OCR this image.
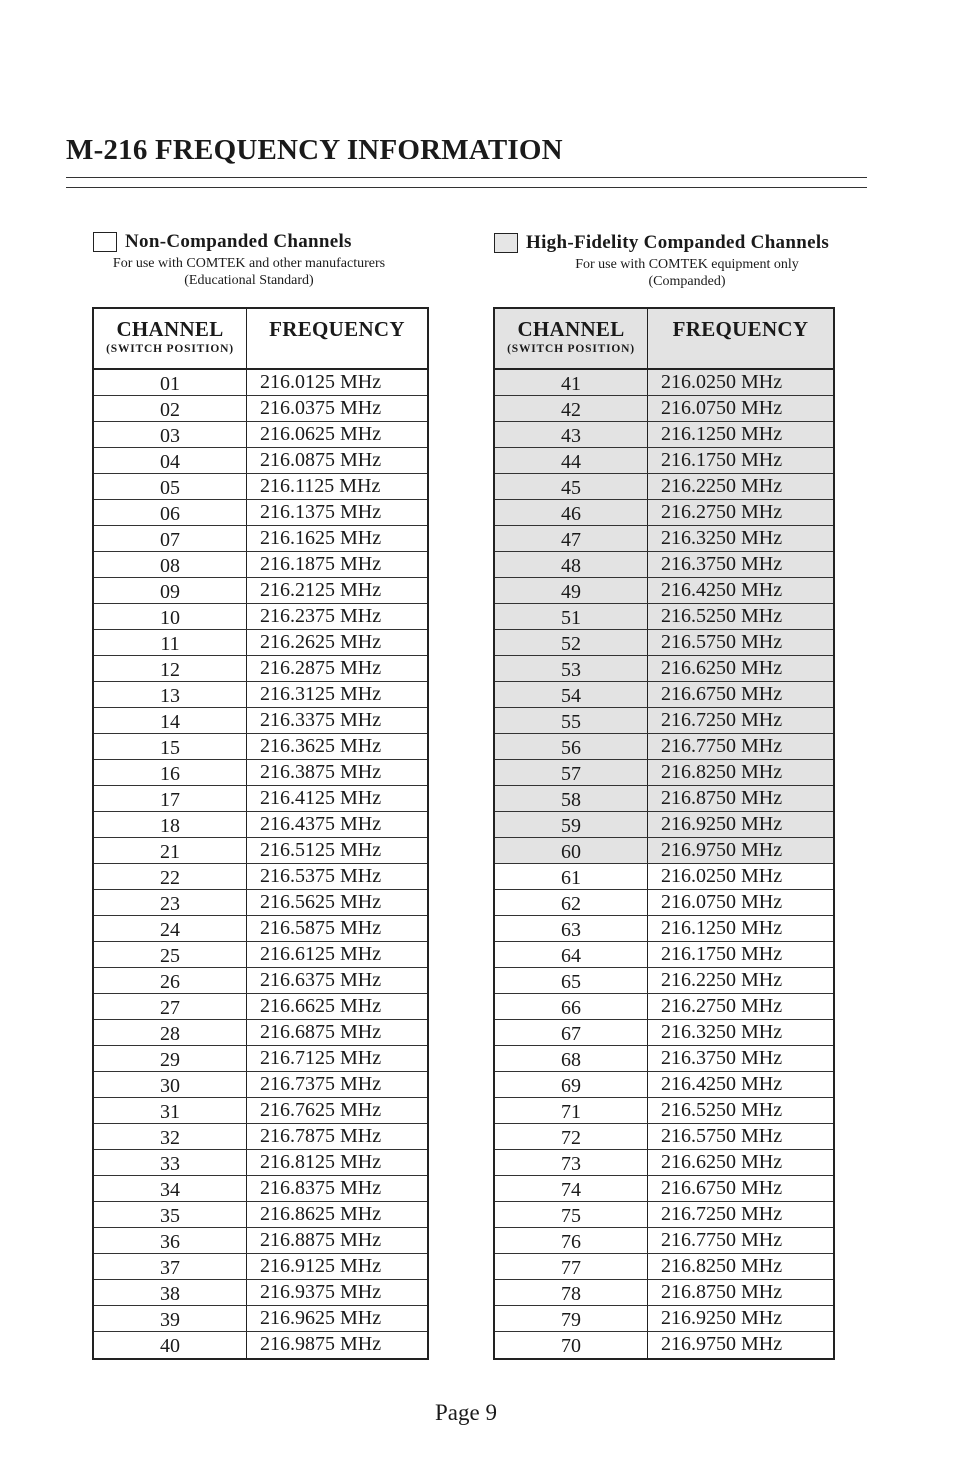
M-216 FREQUENCY INFORMATION
Non-Companded Channels
For use with COMTEK and other manufacturers
(Educational Standard)
High-Fidelity Companded Channels
For use with COMTEK equipment only
(Companded)
CHANNEL
(SWITCH POSITION)
FREQUENCY
01	216.0125 MHz
02	216.0375 MHz
03	216.0625 MHz
04	216.0875 MHz
05	216.1125 MHz
06	216.1375 MHz
07	216.1625 MHz
08	216.1875 MHz
09	216.2125 MHz
10	216.2375 MHz
11	216.2625 MHz
12	216.2875 MHz
13	216.3125 MHz
14	216.3375 MHz
15	216.3625 MHz
16	216.3875 MHz
17	216.4125 MHz
18	216.4375 MHz
21	216.5125 MHz
22	216.5375 MHz
23	216.5625 MHz
24	216.5875 MHz
25	216.6125 MHz
26	216.6375 MHz
27	216.6625 MHz
28	216.6875 MHz
29	216.7125 MHz
30	216.7375 MHz
31	216.7625 MHz
32	216.7875 MHz
33	216.8125 MHz
34	216.8375 MHz
35	216.8625 MHz
36	216.8875 MHz
37	216.9125 MHz
38	216.9375 MHz
39	216.9625 MHz
40	216.9875 MHz
CHANNEL
(SWITCH POSITION)
FREQUENCY
41	216.0250 MHz
42	216.0750 MHz
43	216.1250 MHz
44	216.1750 MHz
45	216.2250 MHz
46	216.2750 MHz
47	216.3250 MHz
48	216.3750 MHz
49	216.4250 MHz
51	216.5250 MHz
52	216.5750 MHz
53	216.6250 MHz
54	216.6750 MHz
55	216.7250 MHz
56	216.7750 MHz
57	216.8250 MHz
58	216.8750 MHz
59	216.9250 MHz
60	216.9750 MHz
61	216.0250 MHz
62	216.0750 MHz
63	216.1250 MHz
64	216.1750 MHz
65	216.2250 MHz
66	216.2750 MHz
67	216.3250 MHz
68	216.3750 MHz
69	216.4250 MHz
71	216.5250 MHz
72	216.5750 MHz
73	216.6250 MHz
74	216.6750 MHz
75	216.7250 MHz
76	216.7750 MHz
77	216.8250 MHz
78	216.8750 MHz
79	216.9250 MHz
70	216.9750 MHz
Page 9
